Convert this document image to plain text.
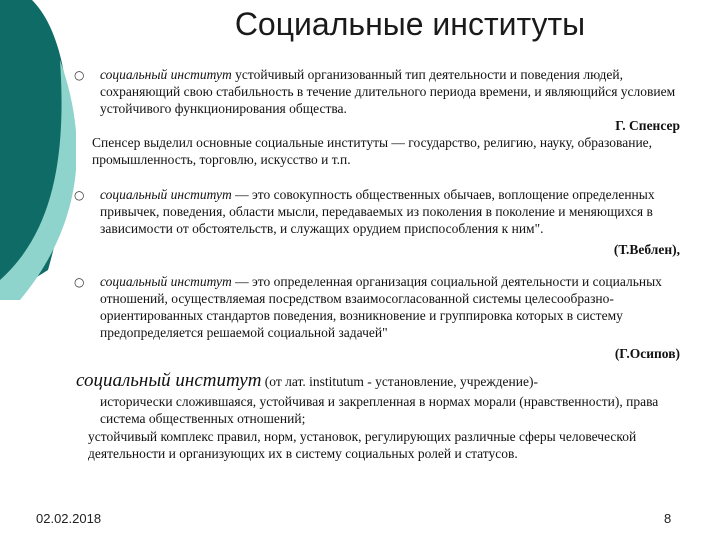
Социальные институты
○ социальный институт устойчивый организованный тип деятельности и поведения людей, сохраняющий свою стабильность в течение длительного периода времени, и являющийся условием устойчивого функционирования общества.

Г. Спенсер

Спенсер выделил основные социальные институты — государство, религию, науку, образование, промышленность, торговлю, искусство и т.п.
○ социальный институт — это совокупность общественных обычаев, воплощение определенных привычек, поведения, области мысли, передаваемых из поколения в поколение и меняющихся в зависимости от обстоятельств, и служащих орудием приспособления к ним".

(Т.Веблен),

○ социальный институт — это определенная организация социальной деятельности и социальных отношений, осуществляемая посредством взаимосогласованной системы целесообразно-ориентированных стандартов поведения, возникновение и группировка которых в систему предопределяется решаемой социальной задачей"

(Г.Осипов)

социальный институт (от лат. institutum - установление, учреждение)-
исторически сложившаяся, устойчивая и закрепленная в нормах морали (нравственности), права система общественных отношений;
устойчивый комплекс правил, норм, установок, регулирующих различные сферы человеческой деятельности и организующих их в систему социальных ролей и статусов.
02.02.2018	8
